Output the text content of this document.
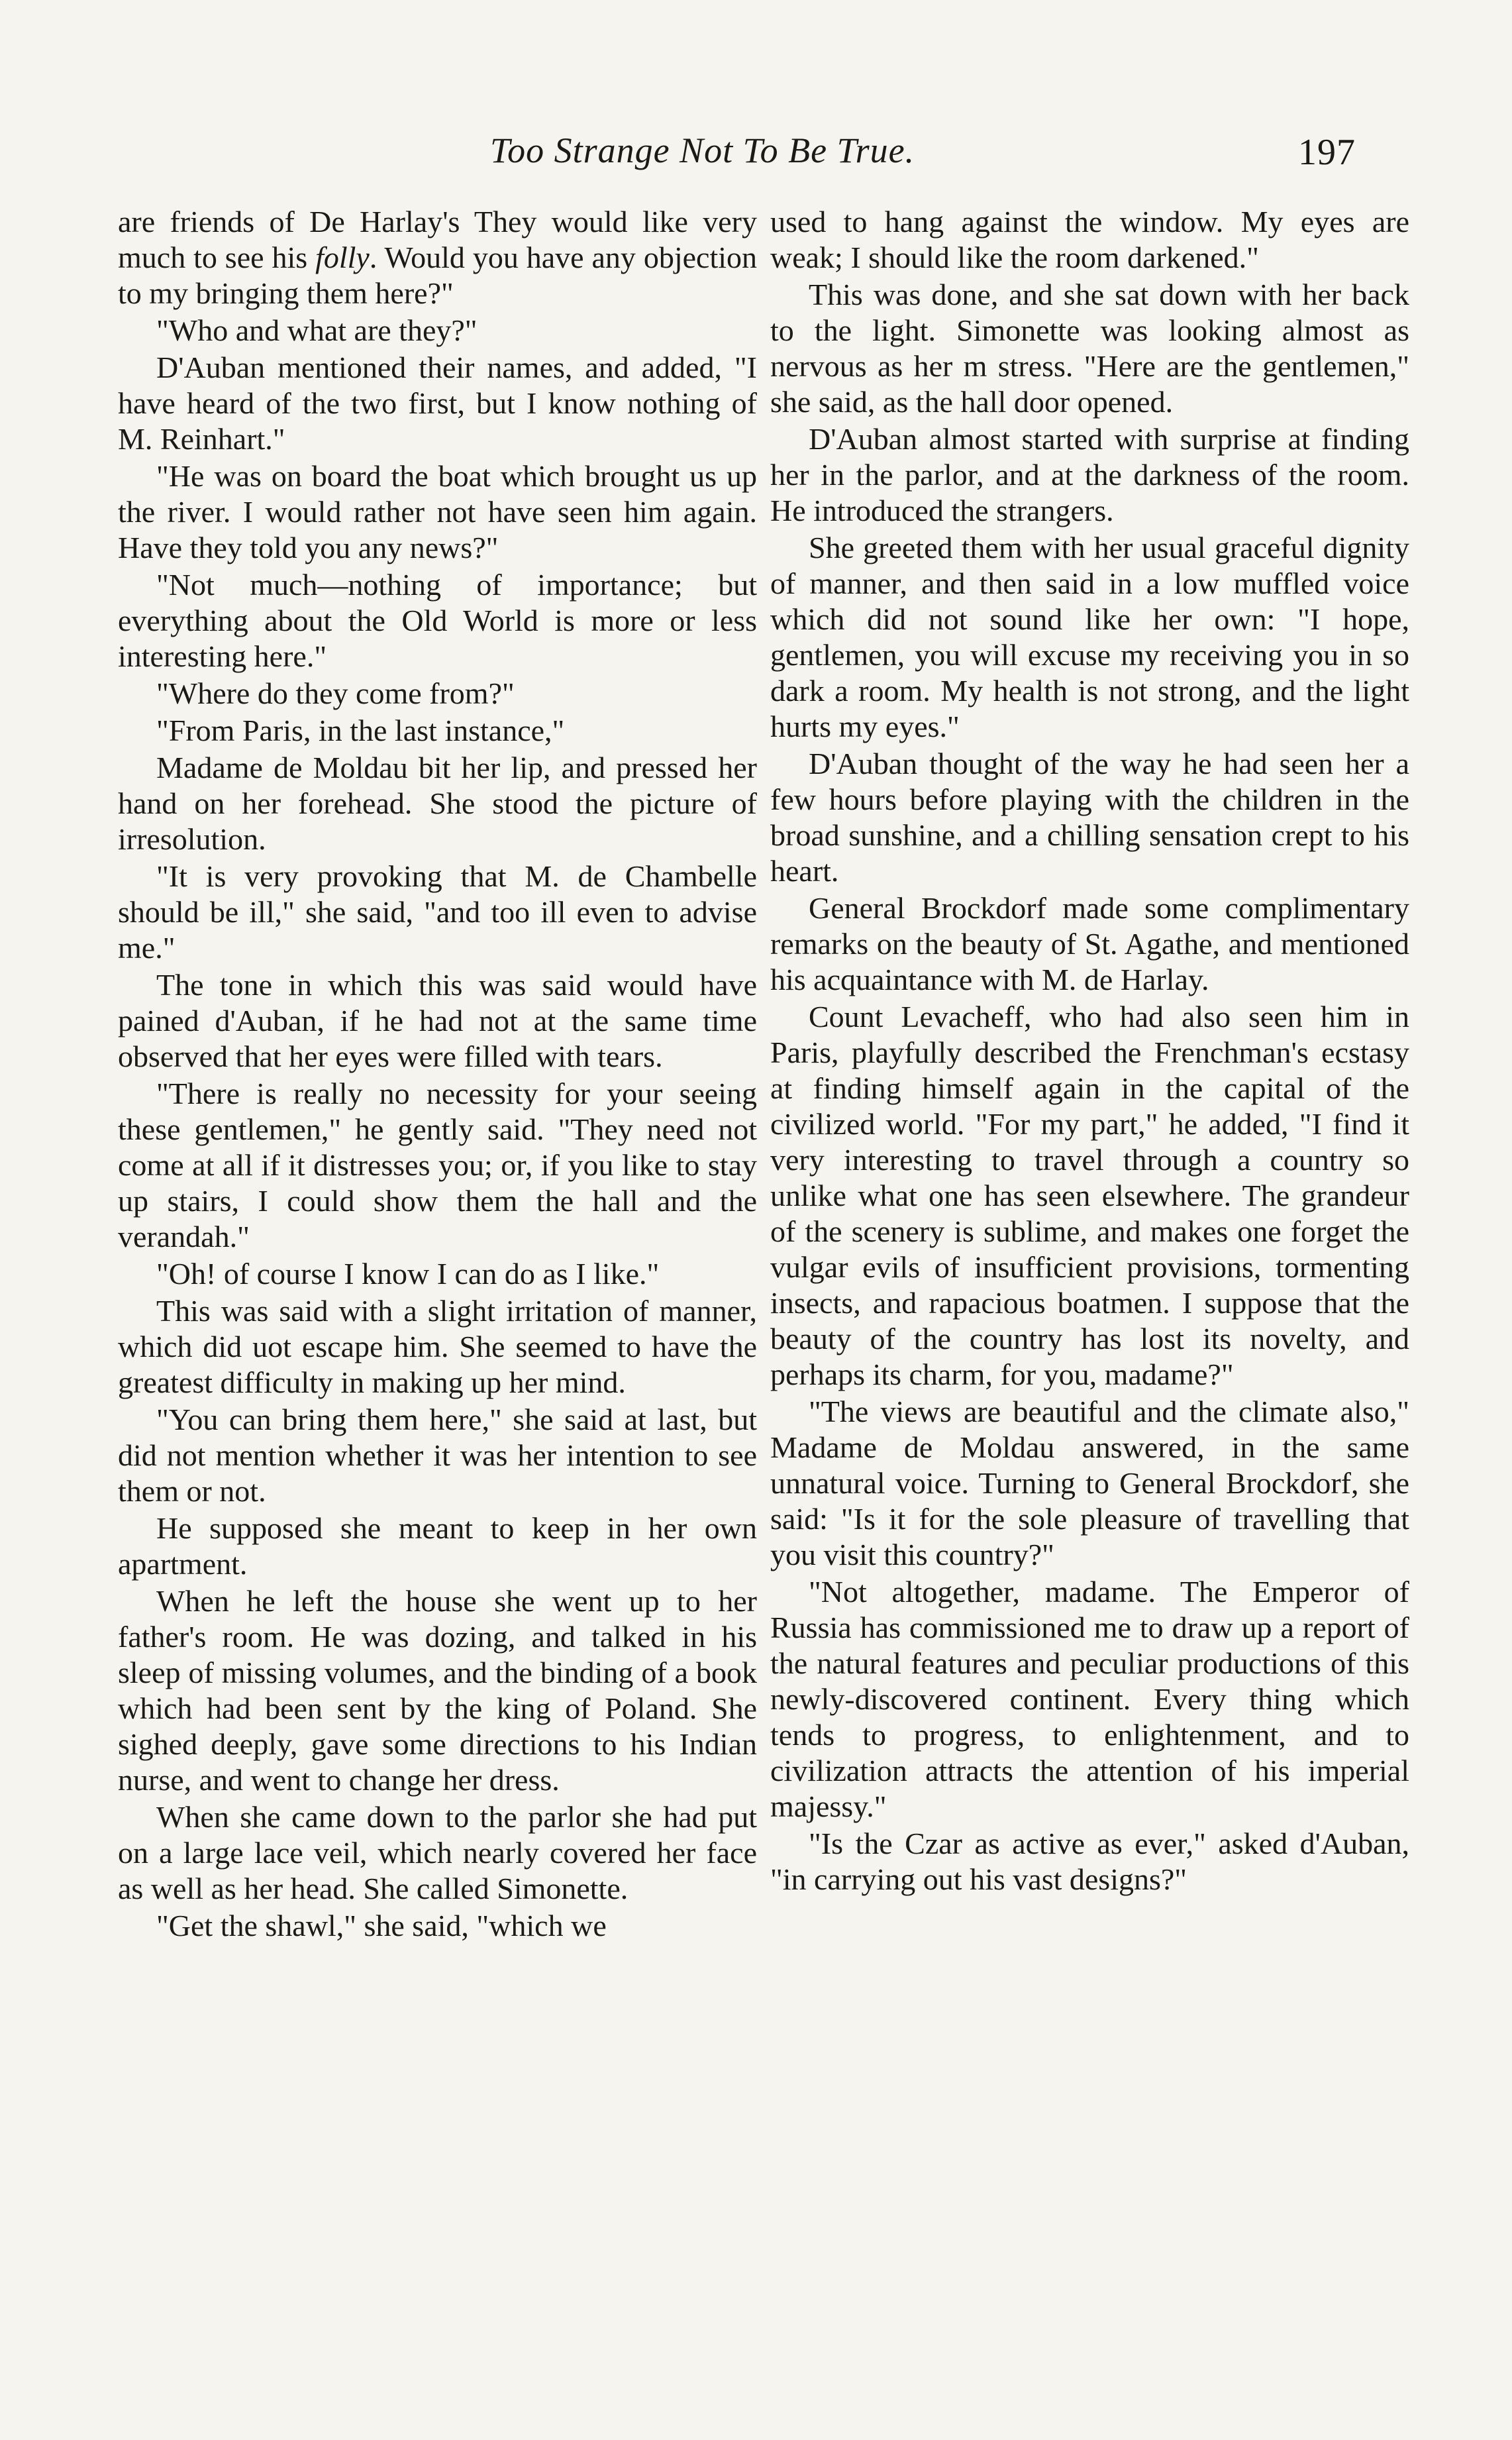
Too Strange Not To Be True.	197

are friends of De Harlay's They would like very much to see his folly. Would you have any objection to my bringing them here?"

"Who and what are they?"

D'Auban mentioned their names, and added, "I have heard of the two first, but I know nothing of M. Reinhart."

"He was on board the boat which brought us up the river. I would rather not have seen him again. Have they told you any news?"

"Not much—nothing of importance; but everything about the Old World is more or less interesting here."

"Where do they come from?"

"From Paris, in the last instance,"

Madame de Moldau bit her lip, and pressed her hand on her forehead. She stood the picture of irresolution.

"It is very provoking that M. de Chambelle should be ill," she said, "and too ill even to advise me."

The tone in which this was said would have pained d'Auban, if he had not at the same time observed that her eyes were filled with tears.

"There is really no necessity for your seeing these gentlemen," he gently said. "They need not come at all if it distresses you; or, if you like to stay up stairs, I could show them the hall and the verandah."

"Oh! of course I know I can do as I like."

This was said with a slight irritation of manner, which did uot escape him. She seemed to have the greatest difficulty in making up her mind.

"You can bring them here," she said at last, but did not mention whether it was her intention to see them or not.

He supposed she meant to keep in her own apartment.

When he left the house she went up to her father's room. He was dozing, and talked in his sleep of missing volumes, and the binding of a book which had been sent by the king of Poland. She sighed deeply, gave some directions to his Indian nurse, and went to change her dress.

When she came down to the parlor she had put on a large lace veil, which nearly covered her face as well as her head. She called Simonette.

"Get the shawl," she said, "which we

used to hang against the window. My eyes are weak; I should like the room darkened."

This was done, and she sat down with her back to the light. Simonette was looking almost as nervous as her m stress. "Here are the gentlemen," she said, as the hall door opened.

D'Auban almost started with surprise at finding her in the parlor, and at the darkness of the room. He introduced the strangers.

She greeted them with her usual graceful dignity of manner, and then said in a low muffled voice which did not sound like her own: "I hope, gentlemen, you will excuse my receiving you in so dark a room. My health is not strong, and the light hurts my eyes."

D'Auban thought of the way he had seen her a few hours before playing with the children in the broad sunshine, and a chilling sensation crept to his heart.

General Brockdorf made some complimentary remarks on the beauty of St. Agathe, and mentioned his acquaintance with M. de Harlay.

Count Levacheff, who had also seen him in Paris, playfully described the Frenchman's ecstasy at finding himself again in the capital of the civilized world. "For my part," he added, "I find it very interesting to travel through a country so unlike what one has seen elsewhere. The grandeur of the scenery is sublime, and makes one forget the vulgar evils of insufficient provisions, tormenting insects, and rapacious boatmen. I suppose that the beauty of the country has lost its novelty, and perhaps its charm, for you, madame?"

"The views are beautiful and the climate also," Madame de Moldau answered, in the same unnatural voice. Turning to General Brockdorf, she said: "Is it for the sole pleasure of travelling that you visit this country?"

"Not altogether, madame. The Emperor of Russia has commissioned me to draw up a report of the natural features and peculiar productions of this newly-discovered continent. Every thing which tends to progress, to enlightenment, and to civilization attracts the attention of his imperial majessy."

"Is the Czar as active as ever," asked d'Auban, "in carrying out his vast designs?"
